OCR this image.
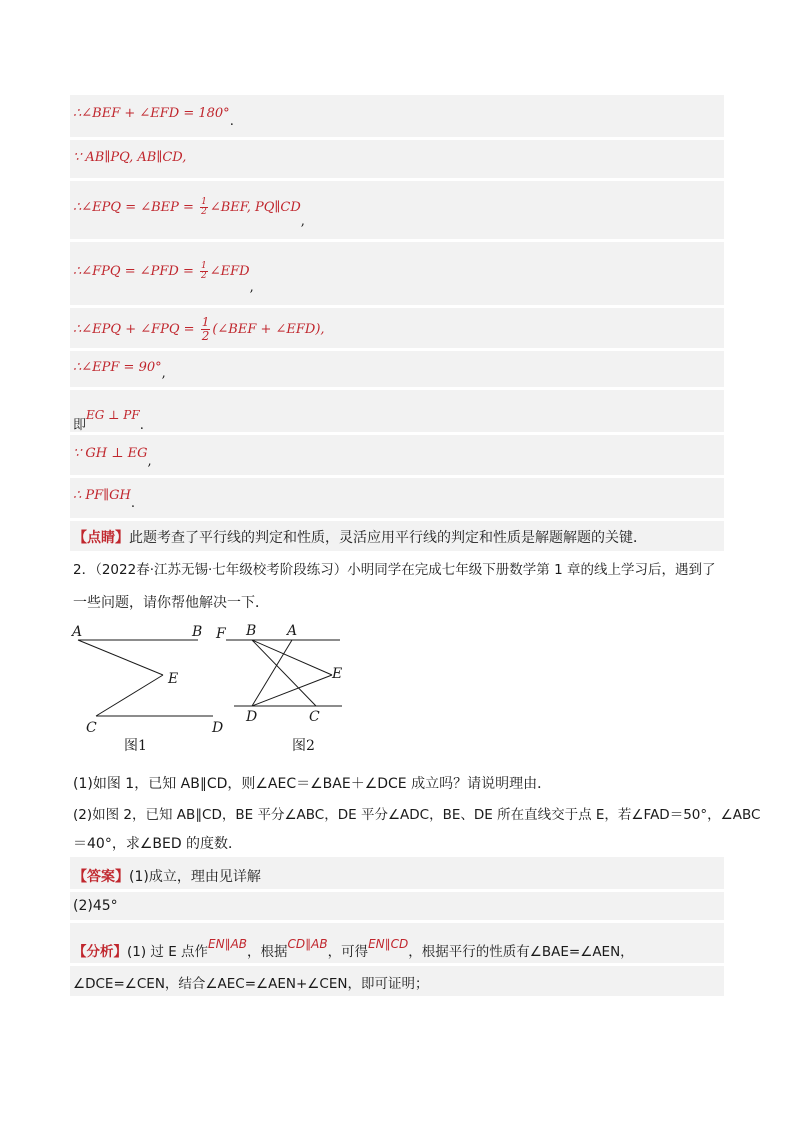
∴∠BEF + ∠EFD = 180°.
∵ AB∥PQ, AB∥CD,
∴∠EPQ = ∠BEP = $\frac{1}{2}$ ∠BEF, PQ∥CD,
∴∠FPQ = ∠PFD = $\frac{1}{2}$ ∠EFD,
∴∠EPQ + ∠FPQ = $\frac{1}{2}$ (∠BEF + ∠EFD),
∴∠EPF = 90°,
即EG ⊥ PF.
∵ GH ⊥ EG,
∴ PF∥GH.
【点睛】此题考查了平行线的判定和性质，灵活应用平行线的判定和性质是解题解题的关键．
2．（2022春·江苏无锡·七年级校考阶段练习）小明同学在完成七年级下册数学第 1 章的线上学习后，遇到了
一些问题，请你帮他解决一下．
A	B
E
C	D
图1
F B A
E
D	C
图2
(1)如图 1，已知 AB∥CD，则∠AEC＝∠BAE＋∠DCE 成立吗？请说明理由．
(2)如图 2，已知 AB∥CD，BE 平分∠ABC，DE 平分∠ADC，BE、DE 所在直线交于点 E，若∠FAD＝50°，∠ABC
＝40°，求∠BED 的度数．
【答案】(1)成立，理由见详解
(2)45°
【分析】(1) 过 E 点作EN∥AB，根据CD∥AB，可得EN∥CD，根据平行的性质有∠BAE=∠AEN，
∠DCE=∠CEN，结合∠AEC=∠AEN+∠CEN，即可证明；
